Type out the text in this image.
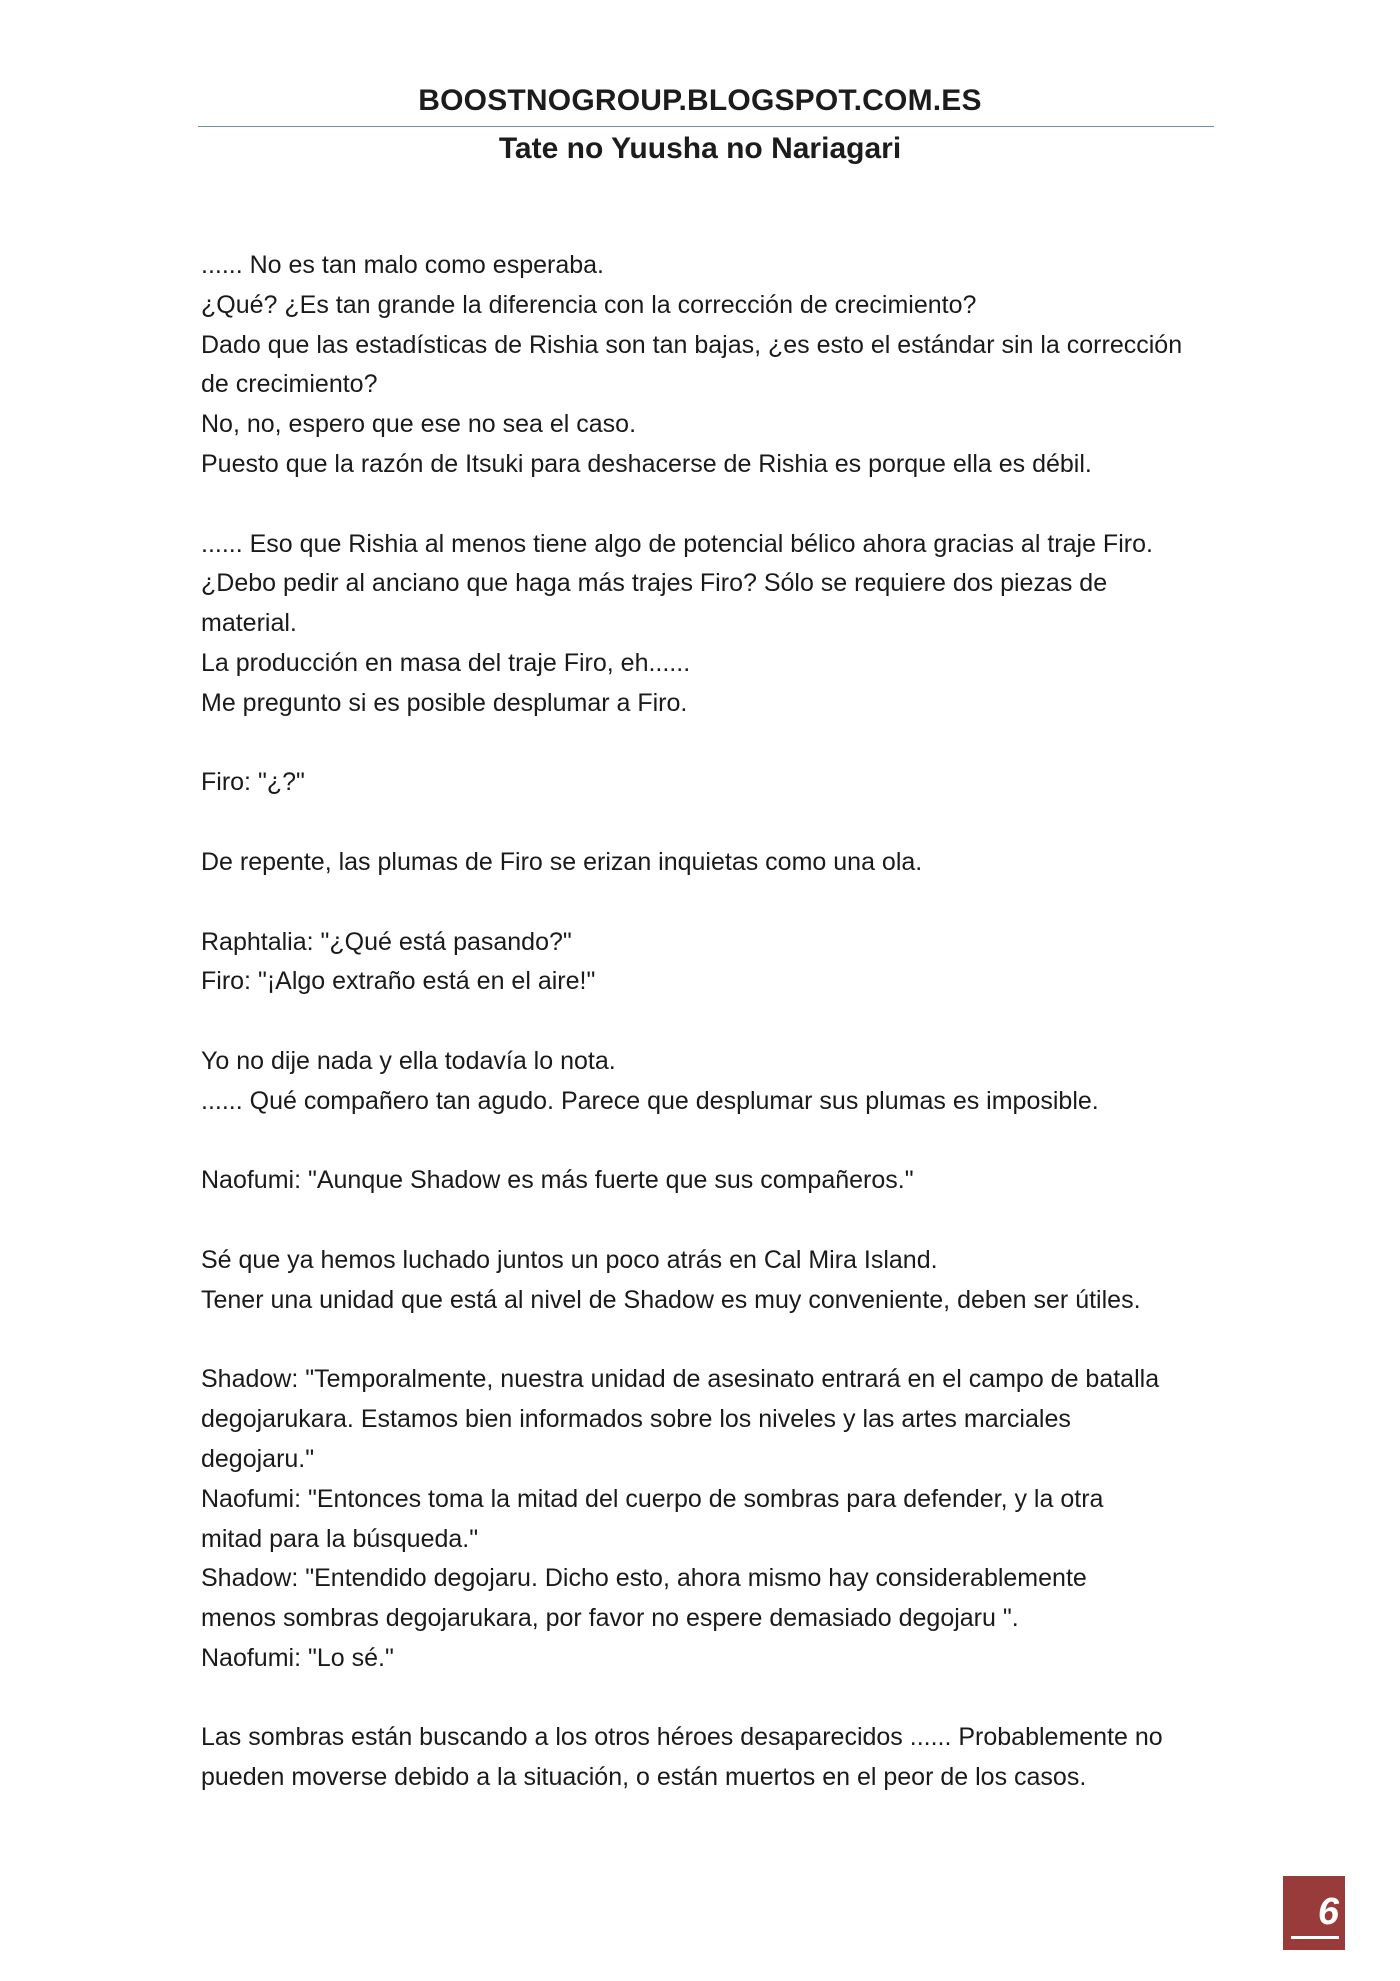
BOOSTNOGROUP.BLOGSPOT.COM.ES
Tate no Yuusha no Nariagari

...... No es tan malo como esperaba.

¿Qué? ¿Es tan grande la diferencia con la corrección de crecimiento?

Dado que las estadísticas de Rishia son tan bajas, ¿es esto el estándar sin la corrección

de crecimiento?

No, no, espero que ese no sea el caso.

Puesto que la razón de Itsuki para deshacerse de Rishia es porque ella es débil.

...... Eso que Rishia al menos tiene algo de potencial bélico ahora gracias al traje Firo.

¿Debo pedir al anciano que haga más trajes Firo? Sólo se requiere dos piezas de

material.

La producción en masa del traje Firo, eh......

Me pregunto si es posible desplumar a Firo.

Firo: "¿?"

De repente, las plumas de Firo se erizan inquietas como una ola.

Raphtalia: "¿Qué está pasando?"

Firo: "¡Algo extraño está en el aire!"

Yo no dije nada y ella todavía lo nota.

...... Qué compañero tan agudo. Parece que desplumar sus plumas es imposible.

Naofumi: "Aunque Shadow es más fuerte que sus compañeros."

Sé que ya hemos luchado juntos un poco atrás en Cal Mira Island.

Tener una unidad que está al nivel de Shadow es muy conveniente, deben ser útiles.

Shadow: "Temporalmente, nuestra unidad de asesinato entrará en el campo de batalla

degojarukara. Estamos bien informados sobre los niveles y las artes marciales

degojaru."

Naofumi: "Entonces toma la mitad del cuerpo de sombras para defender, y la otra

mitad para la búsqueda."

Shadow: "Entendido degojaru. Dicho esto, ahora mismo hay considerablemente

menos sombras degojarukara, por favor no espere demasiado degojaru ".

Naofumi: "Lo sé."

Las sombras están buscando a los otros héroes desaparecidos ...... Probablemente no

pueden moverse debido a la situación, o están muertos en el peor de los casos.

6
